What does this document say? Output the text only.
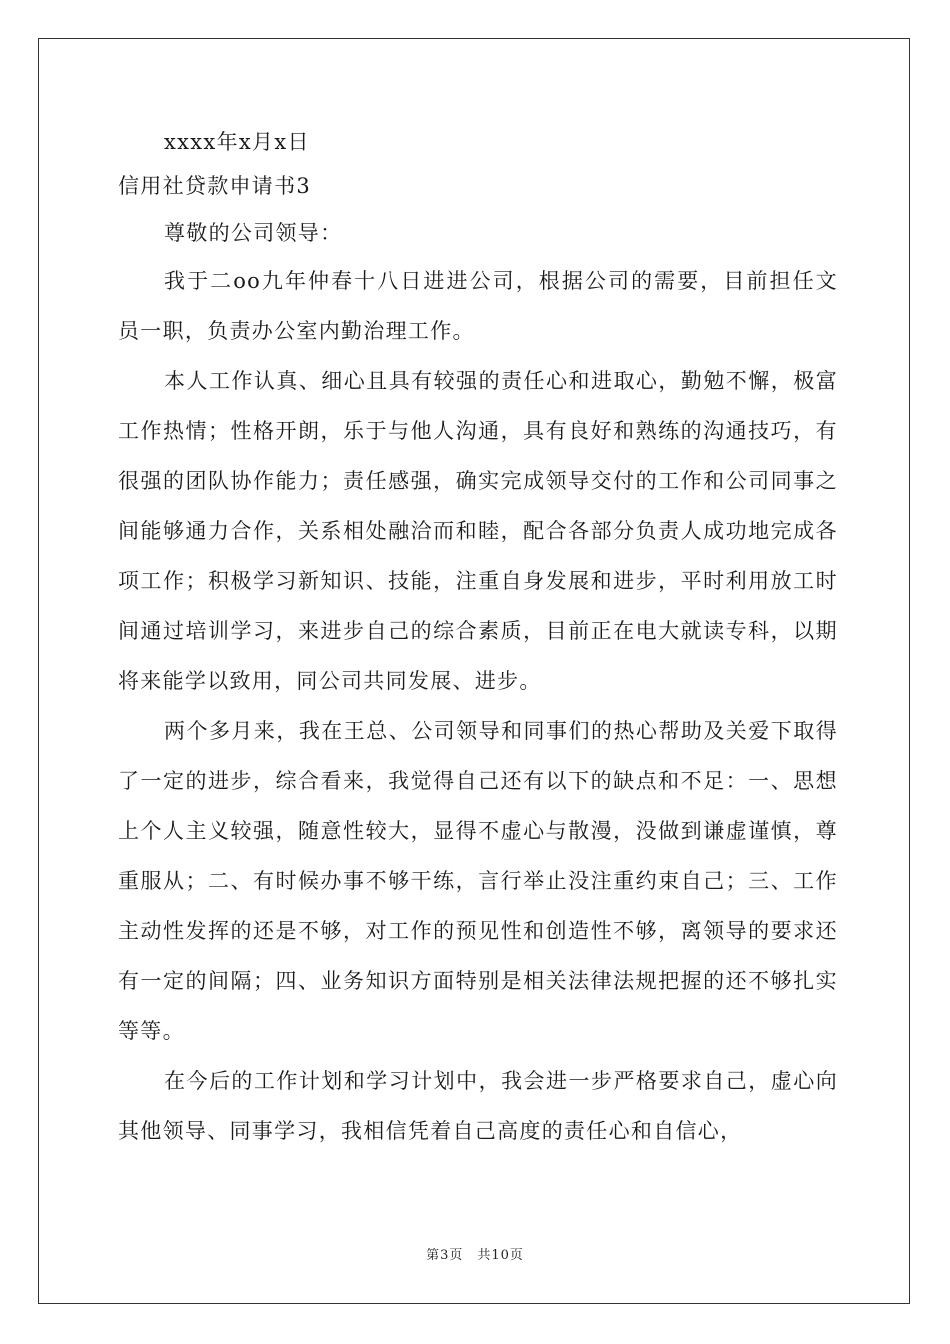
xxxx年x月x日

信用社贷款申请书3

尊敬的公司领导：

我于二oo九年仲春十八日进进公司，根据公司的需要，目前担任文员一职，负责办公室内勤治理工作。

本人工作认真、细心且具有较强的责任心和进取心，勤勉不懈，极富工作热情；性格开朗，乐于与他人沟通，具有良好和熟练的沟通技巧，有很强的团队协作能力；责任感强，确实完成领导交付的工作和公司同事之间能够通力合作，关系相处融洽而和睦，配合各部分负责人成功地完成各项工作；积极学习新知识、技能，注重自身发展和进步，平时利用放工时间通过培训学习，来进步自己的综合素质，目前正在电大就读专科，以期将来能学以致用，同公司共同发展、进步。

两个多月来，我在王总、公司领导和同事们的热心帮助及关爱下取得了一定的进步，综合看来，我觉得自己还有以下的缺点和不足：一、思想上个人主义较强，随意性较大，显得不虚心与散漫，没做到谦虚谨慎，尊重服从；二、有时候办事不够干练，言行举止没注重约束自己；三、工作主动性发挥的还是不够，对工作的预见性和创造性不够，离领导的要求还有一定的间隔；四、业务知识方面特别是相关法律法规把握的还不够扎实等等。

在今后的工作计划和学习计划中，我会进一步严格要求自己，虚心向其他领导、同事学习，我相信凭着自己高度的责任心和自信心，

第3页　共10页
